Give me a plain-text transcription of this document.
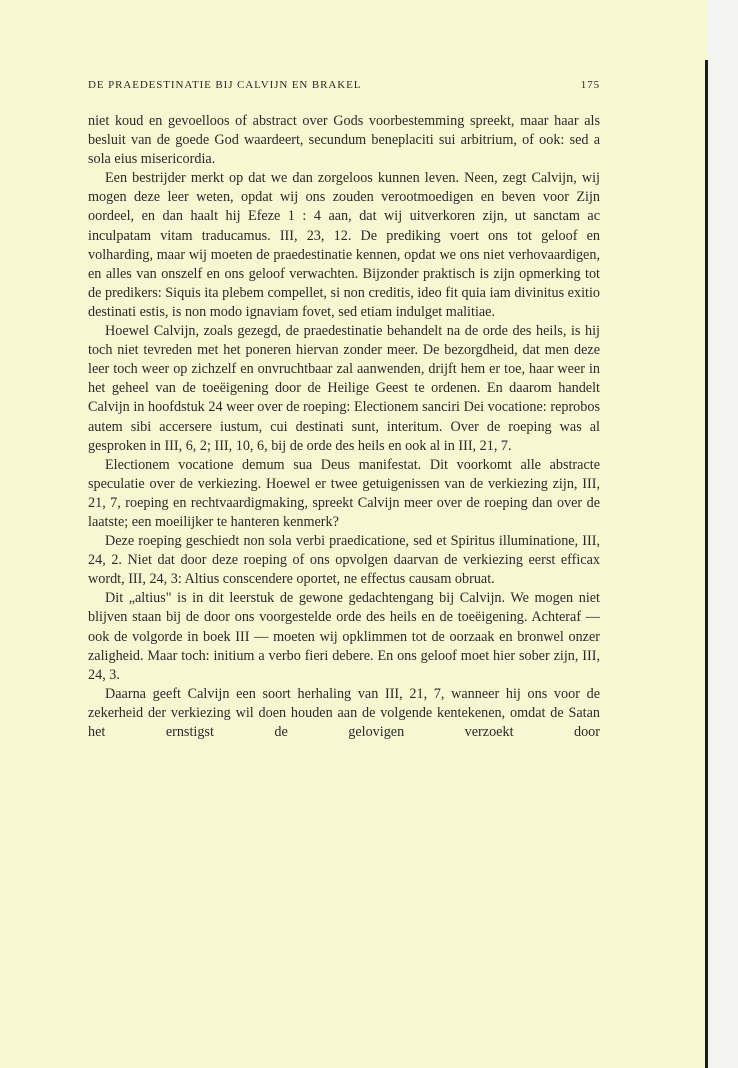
DE PRAEDESTINATIE BIJ CALVIJN EN BRAKEL	175

niet koud en gevoelloos of abstract over Gods voorbestemming spreekt, maar haar als besluit van de goede God waardeert, secundum beneplaciti sui arbitrium, of ook: sed a sola eius misericordia.

Een bestrijder merkt op dat we dan zorgeloos kunnen leven. Neen, zegt Calvijn, wij mogen deze leer weten, opdat wij ons zouden verootmoedigen en beven voor Zijn oordeel, en dan haalt hij Efeze 1 : 4 aan, dat wij uitverkoren zijn, ut sanctam ac inculpatam vitam traducamus. III, 23, 12. De prediking voert ons tot geloof en volharding, maar wij moeten de praedestinatie kennen, opdat we ons niet verhovaardigen, en alles van onszelf en ons geloof verwachten. Bijzonder praktisch is zijn opmerking tot de predikers: Siquis ita plebem compellet, si non creditis, ideo fit quia iam divinitus exitio destinati estis, is non modo ignaviam fovet, sed etiam indulget malitiae.

Hoewel Calvijn, zoals gezegd, de praedestinatie behandelt na de orde des heils, is hij toch niet tevreden met het poneren hiervan zonder meer. De bezorgdheid, dat men deze leer toch weer op zichzelf en onvruchtbaar zal aanwenden, drijft hem er toe, haar weer in het geheel van de toeëigening door de Heilige Geest te ordenen. En daarom handelt Calvijn in hoofdstuk 24 weer over de roeping: Electionem sanciri Dei vocatione: reprobos autem sibi accersere iustum, cui destinati sunt, interitum. Over de roeping was al gesproken in III, 6, 2; III, 10, 6, bij de orde des heils en ook al in III, 21, 7.

Electionem vocatione demum sua Deus manifestat. Dit voorkomt alle abstracte speculatie over de verkiezing. Hoewel er twee getuigenissen van de verkiezing zijn, III, 21, 7, roeping en rechtvaardigmaking, spreekt Calvijn meer over de roeping dan over de laatste; een moeilijker te hanteren kenmerk?

Deze roeping geschiedt non sola verbi praedicatione, sed et Spiritus illuminatione, III, 24, 2. Niet dat door deze roeping of ons opvolgen daarvan de verkiezing eerst efficax wordt, III, 24, 3: Altius conscendere oportet, ne effectus causam obruat.

Dit „altius" is in dit leerstuk de gewone gedachtengang bij Calvijn. We mogen niet blijven staan bij de door ons voorgestelde orde des heils en de toeëigening. Achteraf — ook de volgorde in boek III — moeten wij opklimmen tot de oorzaak en bronwel onzer zaligheid. Maar toch: initium a verbo fieri debere. En ons geloof moet hier sober zijn, III, 24, 3.

Daarna geeft Calvijn een soort herhaling van III, 21, 7, wanneer hij ons voor de zekerheid der verkiezing wil doen houden aan de volgende kentekenen, omdat de Satan het ernstigst de gelovigen verzoekt door
